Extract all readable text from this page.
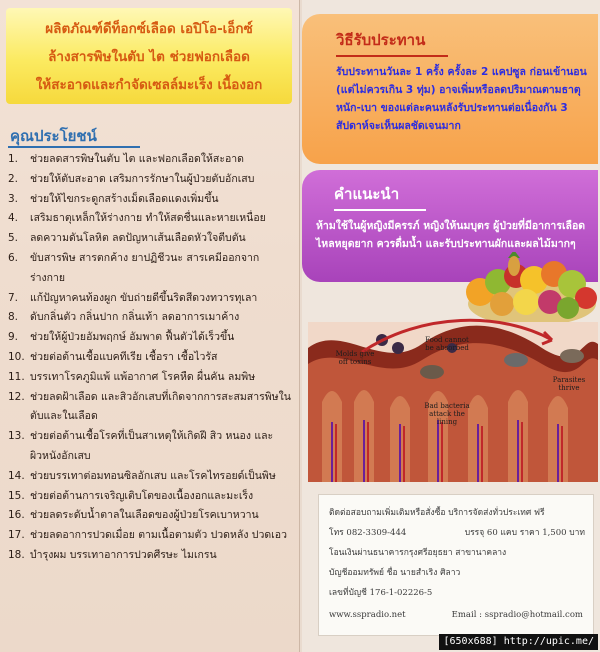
ผลิตภัณฑ์ดีท็อกซ์เลือด เอปิโอ-เอ็กซ์
ล้างสารพิษในตับ ไต ช่วยฟอกเลือด
ให้สะอาดและกำจัดเซลล์มะเร็ง เนื้องอก
คุณประโยชน์
1.	ช่วยลดสารพิษในตับ ไต และฟอกเลือดให้สะอาด
2.	ช่วยให้ตับสะอาด เสริมการรักษาในผู้ป่วยตับอักเสบ
3.	ช่วยให้ไขกระดูกสร้างเม็ดเลือดแดงเพิ่มขึ้น
4.	เสริมธาตุเหล็กให้ร่างกาย ทำให้สดชื่นและหายเหนื่อย
5.	ลดความดันโลหิต ลดปัญหาเส้นเลือดหัวใจตีบตัน
6.	ขับสารพิษ สารตกค้าง ยาปฏิชีวนะ สารเคมีออกจากร่างกาย
7.	แก้ปัญหาคนท้องผูก ขับถ่ายดีขึ้นริดสีดวงทวารทุเลา
8.	ดับกลิ่นตัว กลิ่นปาก กลิ่นเท้า ลดอาการเมาค้าง
9.	ช่วยให้ผู้ป่วยอัมพฤกษ์ อัมพาต ฟื้นตัวได้เร็วขึ้น
10. ช่วยต่อต้านเชื้อแบคทีเรีย เชื้อรา เชื้อไวรัส
11. บรรเทาโรคภูมิแพ้ แพ้อากาศ โรคหืด ผื่นคัน ลมพิษ
12. ช่วยลดฝ้าเลือด และสิวอักเสบที่เกิดจากการสะสมสารพิษในตับและในเลือด
13. ช่วยต่อต้านเชื้อโรคที่เป็นสาเหตุให้เกิดฝี สิว หนอง และผิวหนังอักเสบ
14. ช่วยบรรเทาต่อมทอนซิลอักเสบ และโรคไทรอยด์เป็นพิษ
15. ช่วยต่อต้านการเจริญเติบโตของเนื้องอกและมะเร็ง
16. ช่วยลดระดับน้ำตาลในเลือดของผู้ป่วยโรคเบาหวาน
17. ช่วยลดอาการปวดเมื่อย ตามเนื้อตามตัว ปวดหลัง ปวดเอว
18. บำรุงผม บรรเทาอาการปวดศีรษะ ไมเกรน
วิธีรับประทาน
รับประทานวันละ 1 ครั้ง ครั้งละ 2 แคปซูล ก่อนเข้านอน (แต่ไม่ควรเกิน 3 ทุ่ม) อาจเพิ่มหรือลดปริมาณตามธาตุหนัก-เบา ของแต่ละคนหลังรับประทานต่อเนื่องกัน 3 สัปดาห์จะเห็นผลชัดเจนมาก
คำแนะนำ
ห้ามใช้ในผู้หญิงมีครรภ์ หญิงให้นมบุตร ผู้ป่วยที่มีอาการเลือดไหลหยุดยาก ควรดื่มน้ำ และรับประทานผักและผลไม้มากๆ
Molds give off toxins
Food cannot be absorbed
Parasites thrive
Bad bacteria attack the lining
ติดต่อสอบถามเพิ่มเติมหรือสั่งซื้อ บริการจัดส่งทั่วประเทศ ฟรี
โทร 082-3309-444	บรรจุ 60 แคบ ราคา 1,500 บาท
โอนเงินผ่านธนาคารกรุงศรีอยุธยา สาขานาคลาง
บัญชีออมทรัพย์ ชื่อ นายสำเริง ศิลาว
เลขที่บัญชี 176-1-02226-5
www.sspradio.net	Email : sspradio@hotmail.com
[650x688] http://upic.me/
